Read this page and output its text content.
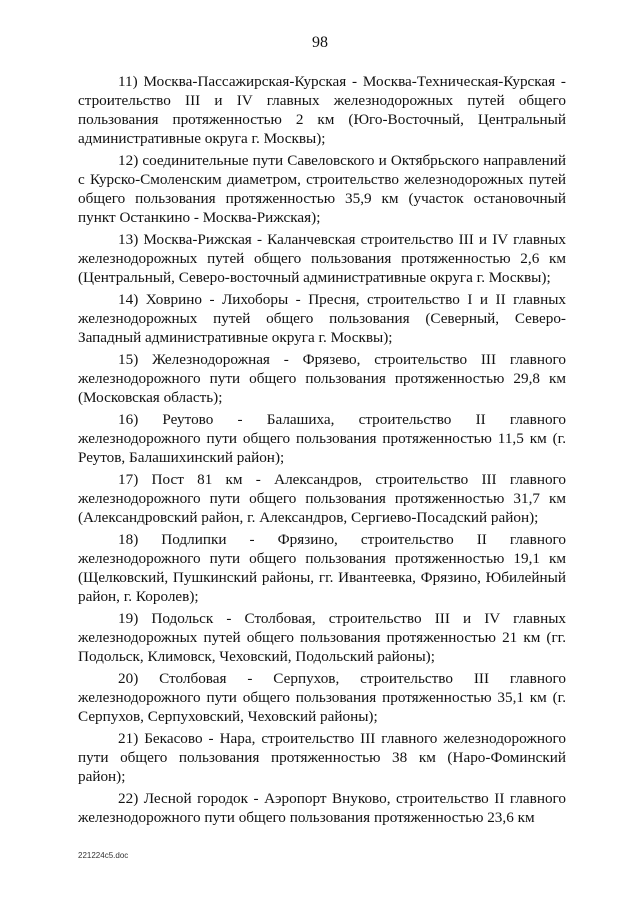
98

11) Москва-Пассажирская-Курская - Москва-Техническая-Курская - строительство III и IV главных железнодорожных путей общего пользования протяженностью 2 км (Юго-Восточный, Центральный административные округа г. Москвы);

12) соединительные пути Савеловского и Октябрьского направлений с Курско-Смоленским диаметром, строительство железнодорожных путей общего пользования протяженностью 35,9 км (участок остановочный пункт Останкино - Москва-Рижская);

13) Москва-Рижская - Каланчевская строительство III и IV главных железнодорожных путей общего пользования протяженностью 2,6 км (Центральный, Северо-восточный административные округа г. Москвы);

14) Ховрино - Лихоборы - Пресня, строительство I и II главных железнодорожных путей общего пользования (Северный, Северо-Западный административные округа г. Москвы);

15) Железнодорожная - Фрязево, строительство III главного железнодорожного пути общего пользования протяженностью 29,8 км (Московская область);

16) Реутово - Балашиха, строительство II главного железнодорожного пути общего пользования протяженностью 11,5 км (г. Реутов, Балашихинский район);

17) Пост 81 км - Александров, строительство III главного железнодорожного пути общего пользования протяженностью 31,7 км (Александровский район, г. Александров, Сергиево-Посадский район);

18) Подлипки - Фрязино, строительство II главного железнодорожного пути общего пользования протяженностью 19,1 км (Щелковский, Пушкинский районы, гг. Ивантеевка, Фрязино, Юбилейный район, г. Королев);

19) Подольск - Столбовая, строительство III и IV главных железнодорожных путей общего пользования протяженностью 21 км (гг. Подольск, Климовск, Чеховский, Подольский районы);

20) Столбовая - Серпухов, строительство III главного железнодорожного пути общего пользования протяженностью 35,1 км (г. Серпухов, Серпуховский, Чеховский районы);

21) Бекасово - Нара, строительство III главного железнодорожного пути общего пользования протяженностью 38 км (Наро-Фоминский район);

22) Лесной городок - Аэропорт Внуково, строительство II главного железнодорожного пути общего пользования протяженностью 23,6 км

221224c5.doc
